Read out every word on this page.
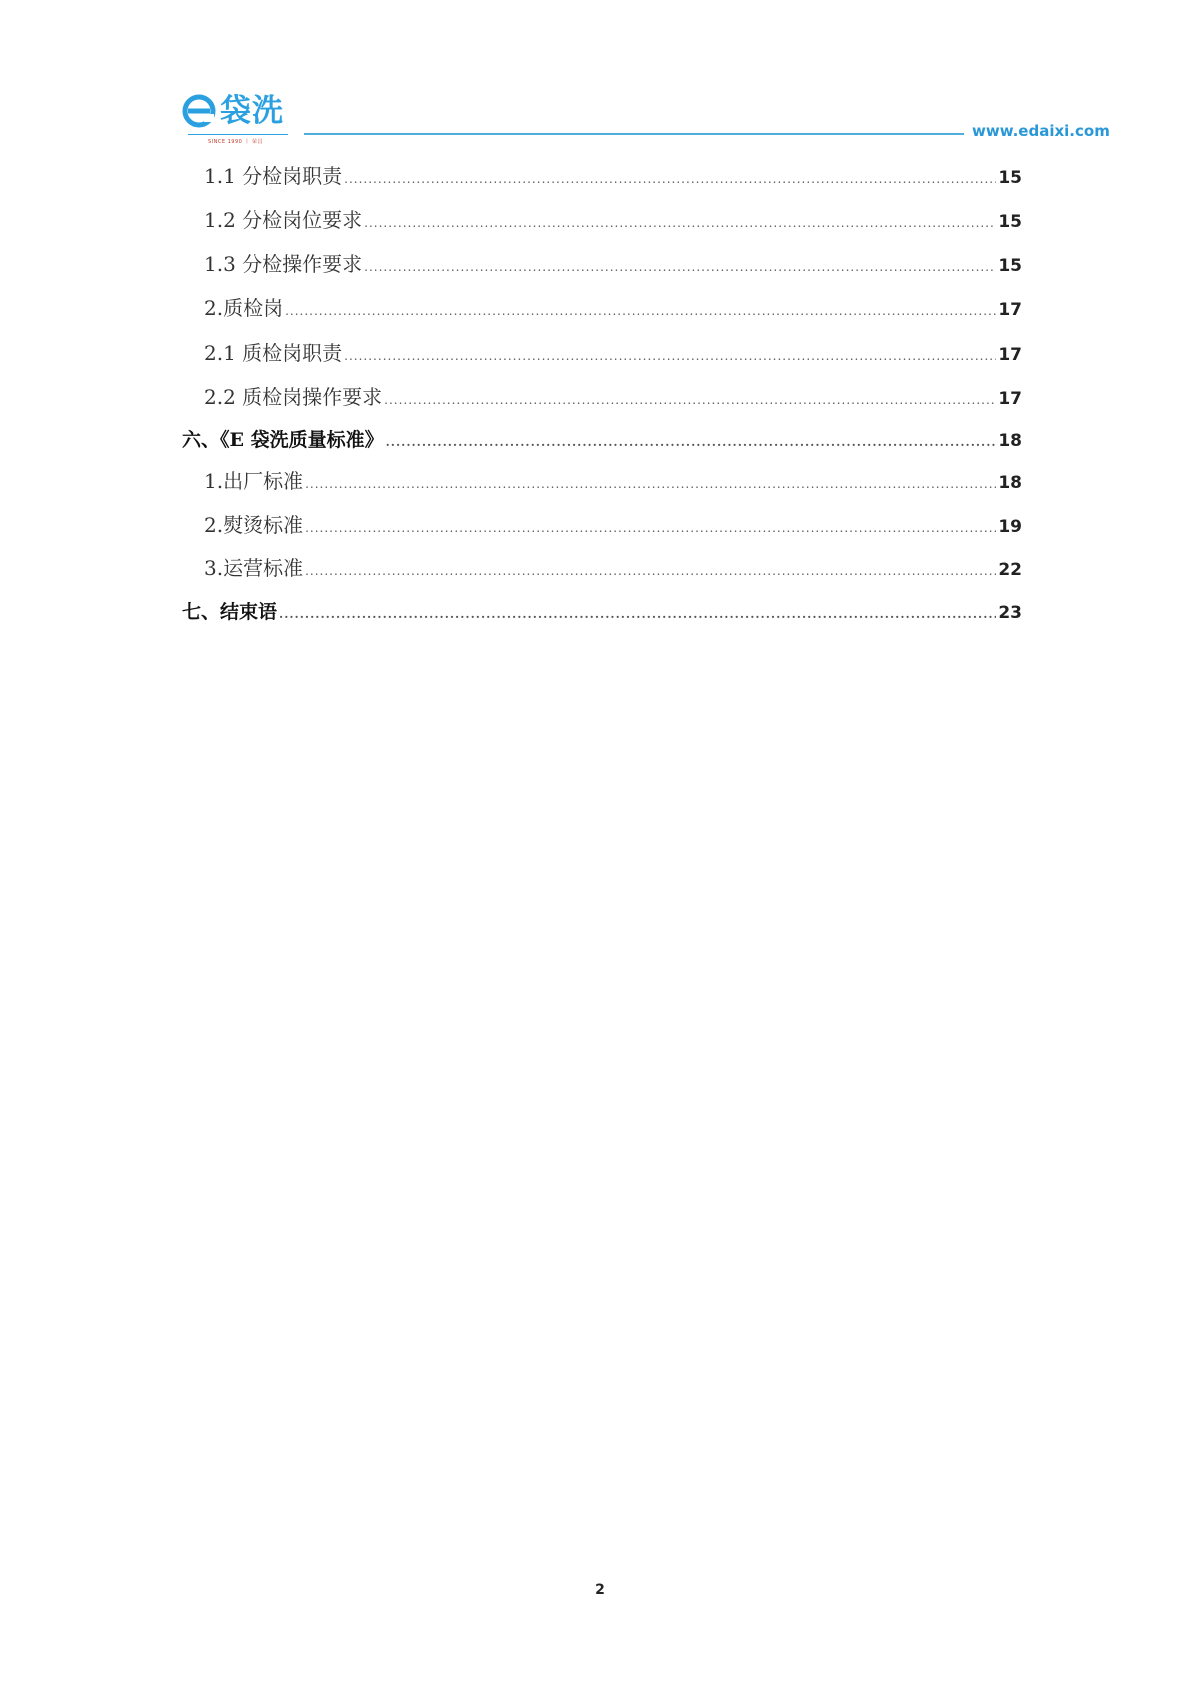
袋洗
SINCE 1990 丨 荣昌
www.edaixi.com
1.1 分检岗职责 .....	15
1.2 分检岗位要求 .....	15
1.3 分检操作要求 .....	15
2.质检岗 .....	17
2.1 质检岗职责 .....	17
2.2 质检岗操作要求 .....	17
六、《E 袋洗质量标准》 .....	18
1.出厂标准 .....	18
2.熨烫标准 .....	19
3.运营标准 .....	22
七、结束语 .....	23
2
